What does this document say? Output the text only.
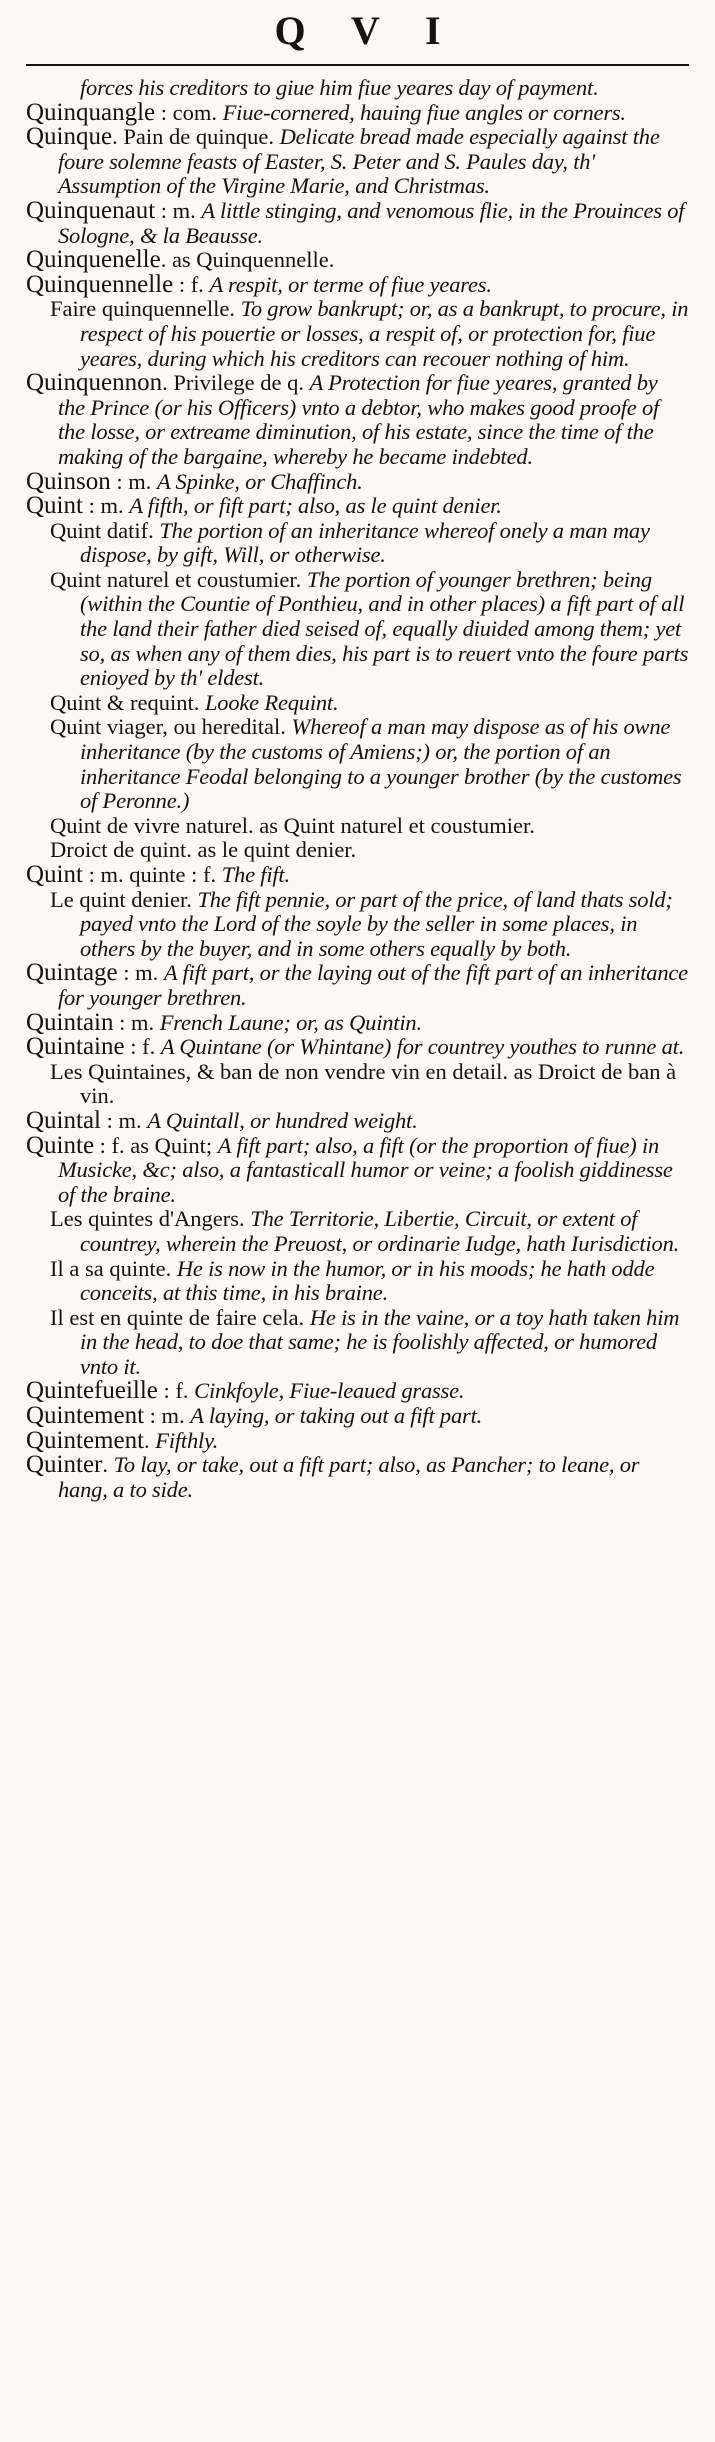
Q V I

forces his creditors to giue him fiue yeares day of payment.

Quinquangle : com. Fiue-cornered, hauing fiue angles or corners.

Quinque. Pain de quinque. Delicate bread made especially against the foure solemne feasts of Easter, S. Peter and S. Paules day, th' Assumption of the Virgine Marie, and Christmas.

Quinquenaut : m. A little stinging, and venomous flie, in the Prouinces of Sologne, & la Beausse.

Quinquenelle. as Quinquennelle.

Quinquennelle : f. A respit, or terme of fiue yeares.

Faire quinquennelle. To grow bankrupt; or, as a bankrupt, to procure, in respect of his pouertie or losses, a respit of, or protection for, fiue yeares, during which his creditors can recouer nothing of him.

Quinquennon. Privilege de q. A Protection for fiue yeares, granted by the Prince (or his Officers) vnto a debtor, who makes good proofe of the losse, or extreame diminution, of his estate, since the time of the making of the bargaine, whereby he became indebted.

Quinson : m. A Spinke, or Chaffinch.

Quint : m. A fifth, or fift part; also, as le quint denier.

Quint datif. The portion of an inheritance whereof onely a man may dispose, by gift, Will, or otherwise.

Quint naturel et coustumier. The portion of younger brethren; being (within the Countie of Ponthieu, and in other places) a fift part of all the land their father died seised of, equally diuided among them; yet so, as when any of them dies, his part is to reuert vnto the foure parts enioyed by th' eldest.

Quint & requint. Looke Requint.

Quint viager, ou heredital. Whereof a man may dispose as of his owne inheritance (by the customs of Amiens;) or, the portion of an inheritance Feodal belonging to a younger brother (by the customes of Peronne.)

Quint de vivre naturel. as Quint naturel et coustumier.

Droict de quint. as le quint denier.

Quint : m. quinte : f. The fift.

Le quint denier. The fift pennie, or part of the price, of land thats sold; payed vnto the Lord of the soyle by the seller in some places, in others by the buyer, and in some others equally by both.

Quintage : m. A fift part, or the laying out of the fift part of an inheritance for younger brethren.

Quintain : m. French Laune; or, as Quintin.

Quintaine : f. A Quintane (or Whintane) for countrey youthes to runne at.

Les Quintaines, & ban de non vendre vin en detail. as Droict de ban à vin.

Quintal : m. A Quintall, or hundred weight.

Quinte : f. as Quint; A fift part; also, a fift (or the proportion of fiue) in Musicke, &c; also, a fantasticall humor or veine; a foolish giddinesse of the braine.

Les quintes d'Angers. The Territorie, Libertie, Circuit, or extent of countrey, wherein the Preuost, or ordinarie Iudge, hath Iurisdiction.

Il a sa quinte. He is now in the humor, or in his moods; he hath odde conceits, at this time, in his braine.

Il est en quinte de faire cela. He is in the vaine, or a toy hath taken him in the head, to doe that same; he is foolishly affected, or humored vnto it.

Quintefueille : f. Cinkfoyle, Fiue-leaued grasse.

Quintement : m. A laying, or taking out a fift part.

Quintement. Fifthly.

Quinter. To lay, or take, out a fift part; also, as Pancher; to leane, or hang, a to side.
